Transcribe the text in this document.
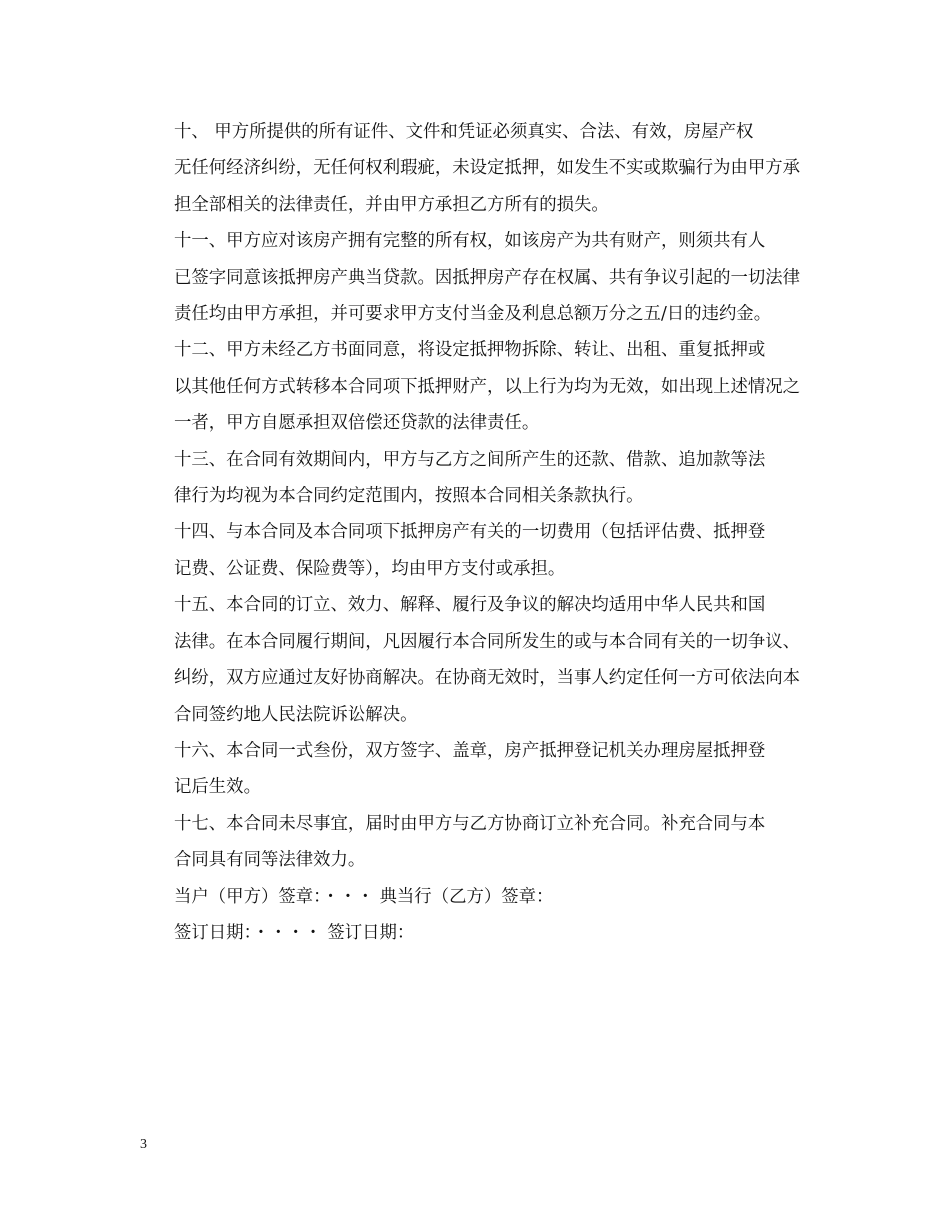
十、 甲方所提供的所有证件、文件和凭证必须真实、合法、有效，房屋产权
无任何经济纠纷，无任何权利瑕疵，未设定抵押，如发生不实或欺骗行为由甲方承
担全部相关的法律责任，并由甲方承担乙方所有的损失。

十一、甲方应对该房产拥有完整的所有权，如该房产为共有财产，则须共有人
已签字同意该抵押房产典当贷款。因抵押房产存在权属、共有争议引起的一切法律
责任均由甲方承担，并可要求甲方支付当金及利息总额万分之五/日的违约金。

十二、甲方未经乙方书面同意，将设定抵押物拆除、转让、出租、重复抵押或
以其他任何方式转移本合同项下抵押财产，以上行为均为无效，如出现上述情况之
一者，甲方自愿承担双倍偿还贷款的法律责任。

十三、在合同有效期间内，甲方与乙方之间所产生的还款、借款、追加款等法
律行为均视为本合同约定范围内，按照本合同相关条款执行。

十四、与本合同及本合同项下抵押房产有关的一切费用（包括评估费、抵押登
记费、公证费、保险费等），均由甲方支付或承担。

十五、本合同的订立、效力、解释、履行及争议的解决均适用中华人民共和国
法律。在本合同履行期间，凡因履行本合同所发生的或与本合同有关的一切争议、
纠纷，双方应通过友好协商解决。在协商无效时，当事人约定任何一方可依法向本
合同签约地人民法院诉讼解决。

十六、本合同一式叁份，双方签字、盖章，房产抵押登记机关办理房屋抵押登
记后生效。

十七、本合同未尽事宜，届时由甲方与乙方协商订立补充合同。补充合同与本
合同具有同等法律效力。

当户（甲方）签章：・・・ 典当行（乙方）签章：

签订日期：・・・・ 签订日期：

3
